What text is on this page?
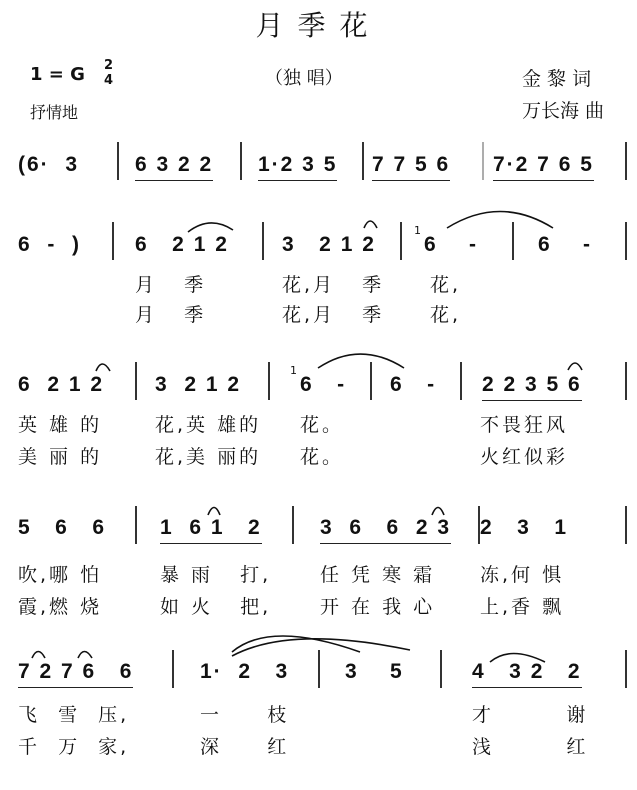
月季花
1 = G 2
4
抒情地
（独 唱）	金 黎 词
万长海 曲
(6·  3	6 3 2 2 1·2 3 5 7 7 5 6 7·2 7 6 5
6  -  )	6   2 1 2	3   2 1 2
1
6    -	6    -
月   季	花,月   季 花,
月   季	花,月   季 花,
6  2 1 2 3  2 1 2
1
6   - 6   - 2 2 3 5 6
英 雄 的	花,英 雄的 花。	不畏狂风
美 丽 的	花,美 丽的 花。	火红似彩
5   6   6	1  6 1   2	3  6   6  2 3 2   3   1
吹,哪 怕	暴 雨   打,	任 凭 寒 霜 冻,何 惧
霞,燃 烧	如 火   把,	开 在 我 心 上,香 飘
7 2 7 6   6	1·  2   3	3    5	4   3 2   2
飞  雪  压,	一     枝	才        谢
千  万  家,	深     红	浅        红
